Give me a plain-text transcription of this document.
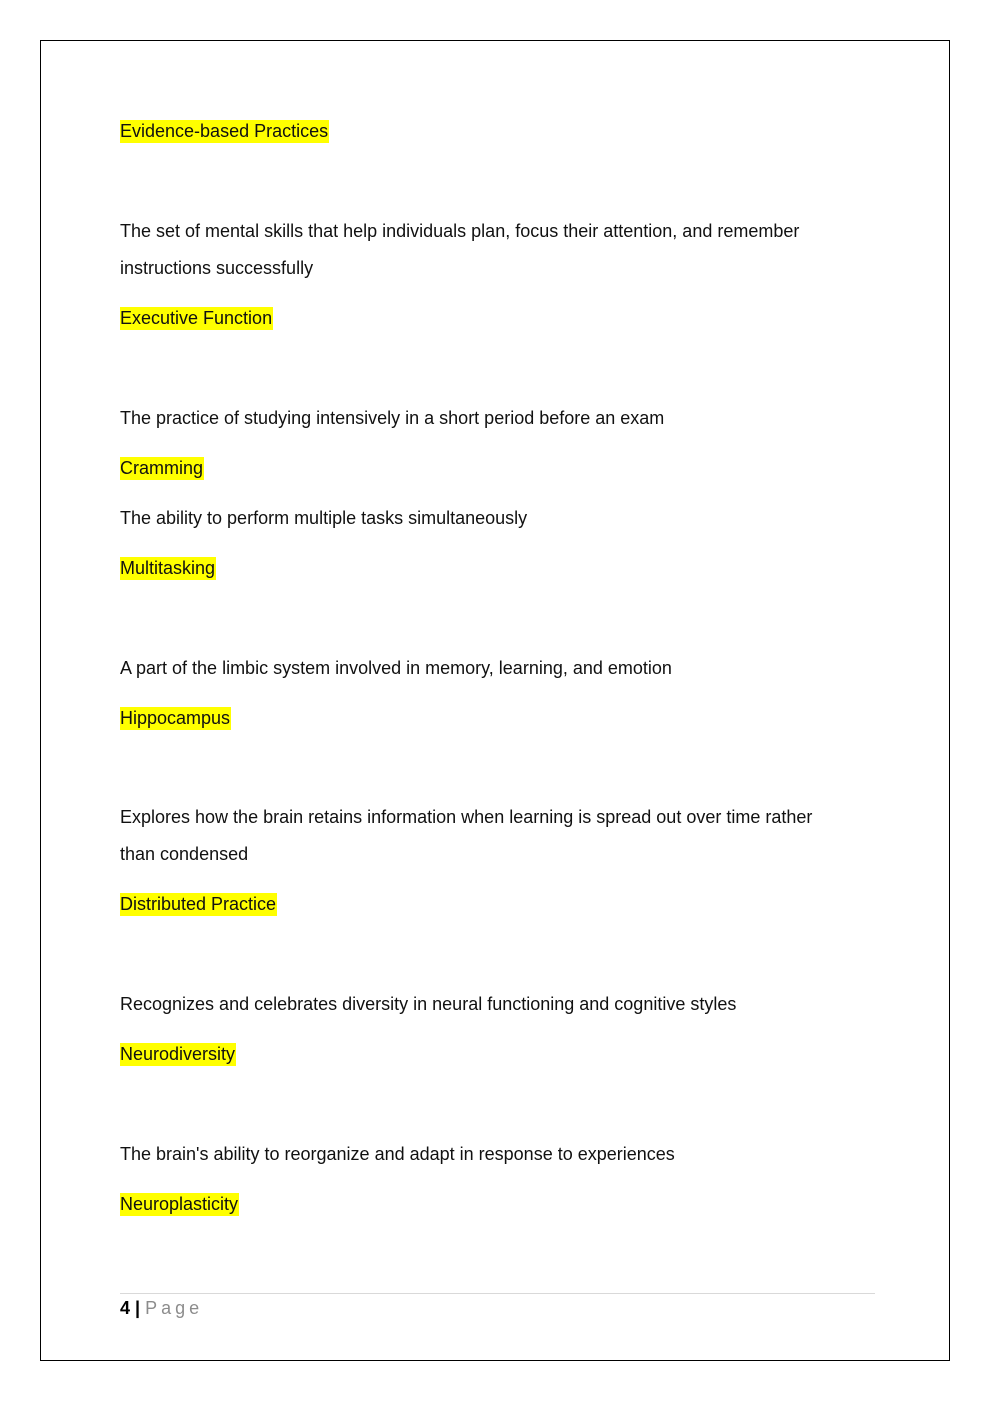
Evidence-based Practices
The set of mental skills that help individuals plan, focus their attention, and remember
instructions successfully
Executive Function
The practice of studying intensively in a short period before an exam
Cramming
The ability to perform multiple tasks simultaneously
Multitasking
A part of the limbic system involved in memory, learning, and emotion
Hippocampus
Explores how the brain retains information when learning is spread out over time rather
than condensed
Distributed Practice
Recognizes and celebrates diversity in neural functioning and cognitive styles
Neurodiversity
The brain's ability to reorganize and adapt in response to experiences
Neuroplasticity
4 | Page
